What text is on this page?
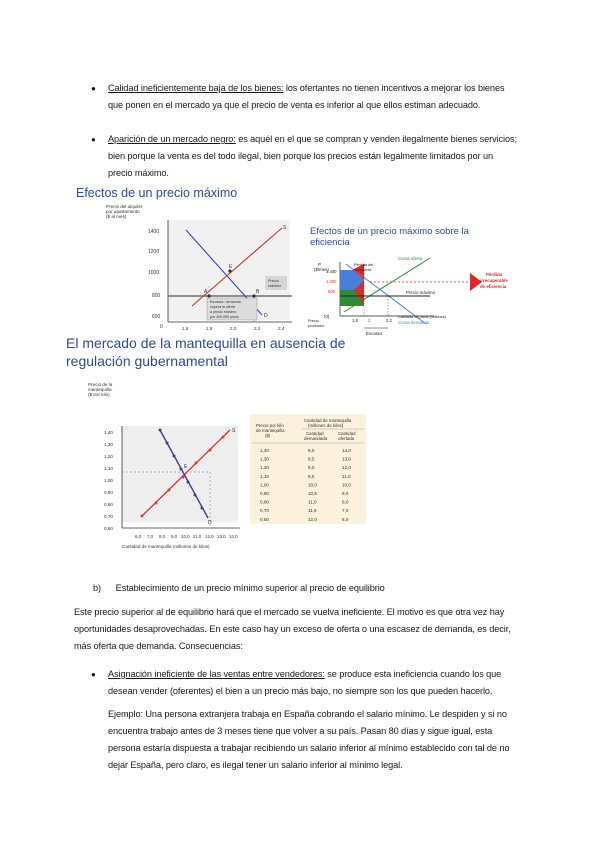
● Calidad ineficientemente baja de los bienes: los ofertantes no tienen incentivos a mejorar los bienes
que ponen en el mercado ya que el precio de venta es inferior al que ellos estiman adecuado.
● Aparición de un mercado negro: es aquél en el que se compran y venden ilegalmente bienes servicios;
bien porque la venta es del todo ilegal, bien porque los precios están legalmente limitados por un
precio máximo.
Efectos de un precio máximo
Precio del alquiler
por apartamento
($ al mes)
1400
1200
1000
800
600
0	1,6	1,8	2,0	2,2	2,4
A
E
B
S
D
Precio
máximo
Escasez: demanda
supera la oferta
a precio máximo
por 400.000 pisos
Efectos de un precio máximo sobre la
eficiencia
P
($/mes)
1.400
1.000
800
(0)
Curva oferta
Pérdida del
excedente
Precio máximo
Curva demanda
Precio
productor
1,8 2	2,2
Cantidad de pisos (millones)
Escasez
Pérdida
irrecuperable
de eficiencia
El mercado de la mantequilla en ausencia de
regulación gubernamental
Precio de la
mantequilla
($ por kilo)
1,40
1,30
1,20
1,10
1,00
0,90
0,80
0,70
0,60
6,0 7,0 8,0 9,0 10,0 11,0 12,0 13,0 14,0
S
E
D
Cantidad de mantequilla (millones de kilos)
Precio por kilo
de mantequilla
($)
Cantidad de mantequilla
(millones de kilos)
Cantidad
demandada
Cantidad
ofertada
1,40	8,0	14,0
1,30	8,5	13,0
1,20	9,0	12,0
1,10	9,5	11,0
1,00	10,0	10,0
0,90	10,5	9,0
0,80	11,0	8,0
0,70	11,5	7,0
0,60	12,0	6,0
b)      Establecimiento de un precio mínimo superior al precio de equilibrio
Este precio superior al de equilibrio hará que el mercado se vuelva ineficiente. El motivo es que otra vez hay
oportunidades desaprovechadas. En este caso hay un exceso de oferta o una escasez de demanda, es decir,
más oferta que demanda. Consecuencias:
● Asignación ineficiente de las ventas entre vendedores: se produce esta ineficiencia cuando los que
desean vender (oferentes) el bien a un precio más bajo, no siempre son los que pueden hacerlo.
Ejemplo: Una persona extranjera trabaja en España cobrando el salario mínimo. Le despiden y si no
encuentra trabajo antes de 3 meses tiene que volver a su país. Pasan 80 días y sigue igual, esta
persona estaría dispuesta a trabajar recibiendo un salario inferior al mínimo establecido con tal de no
dejar España, pero claro, es ilegal tener un salario inferior al mínimo legal.
